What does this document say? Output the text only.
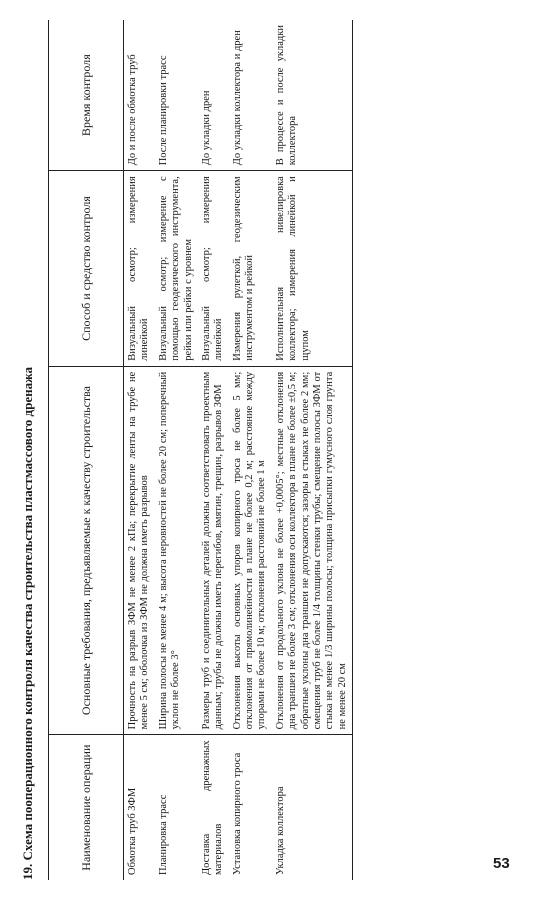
19. Схема пооперационного контроля качества строительства пластмассового дренажа	Наименование операции	Основные требования, предъявляемые к качеству строительства	Способ и средство контроля	Время контроля
Обмотка труб ЗФМ	Прочность на разрыв ЗФМ не менее 2 кПа; перекрытие ленты на трубе не менее 5 см; оболочка из ЗФМ не должна иметь разрывов	Визуальный осмотр; измерения линейкой	До и после обмотка труб
Планировка трасс	Ширина полосы не менее 4 м; высота неровностей не более 20 см; поперечный уклон не более 3°	Визуальный осмотр; измерение с помощью геодезического инструмента, рейки или рейки с уровнем	После планировки трасс
Доставка дренажных материалов	Размеры труб и соединительных деталей должны соответствовать проектным данным; трубы не должны иметь перегибов, вмятин, трещин, разрывов ЗФМ	Визуальный осмотр; измерения линейкой	До укладки дрен
Установка копирного троса	Отклонения высоты основных упоров копирного троса не более 5 мм; отклонения от прямолинейности в плане не более 0,2 м; расстояние между упорами не более 10 м; отклонения расстояний не более 1 м	Измерения рулеткой, геодезическим инструментом и рейкой	До укладки коллектора и дрен
Укладка коллектора	Отклонения от продольного уклона не более +0,0005°; местные отклонения дна траншеи не более 3 см; отклонения оси коллектора в плане не более ±0,5 м; обратные уклоны дна траншеи не допускаются; зазоры в стыках не более 2 мм; смещения труб не более 1/4 толщины стенки трубы; смещение полосы ЗФМ от стыка не менее 1/3 ширины полосы; толщина присыпки гумусного слоя грунта не менее 20 см	Исполнительная нивелировка коллектора; измерения линейкой и щупом	В процессе и после укладки коллектора
53
